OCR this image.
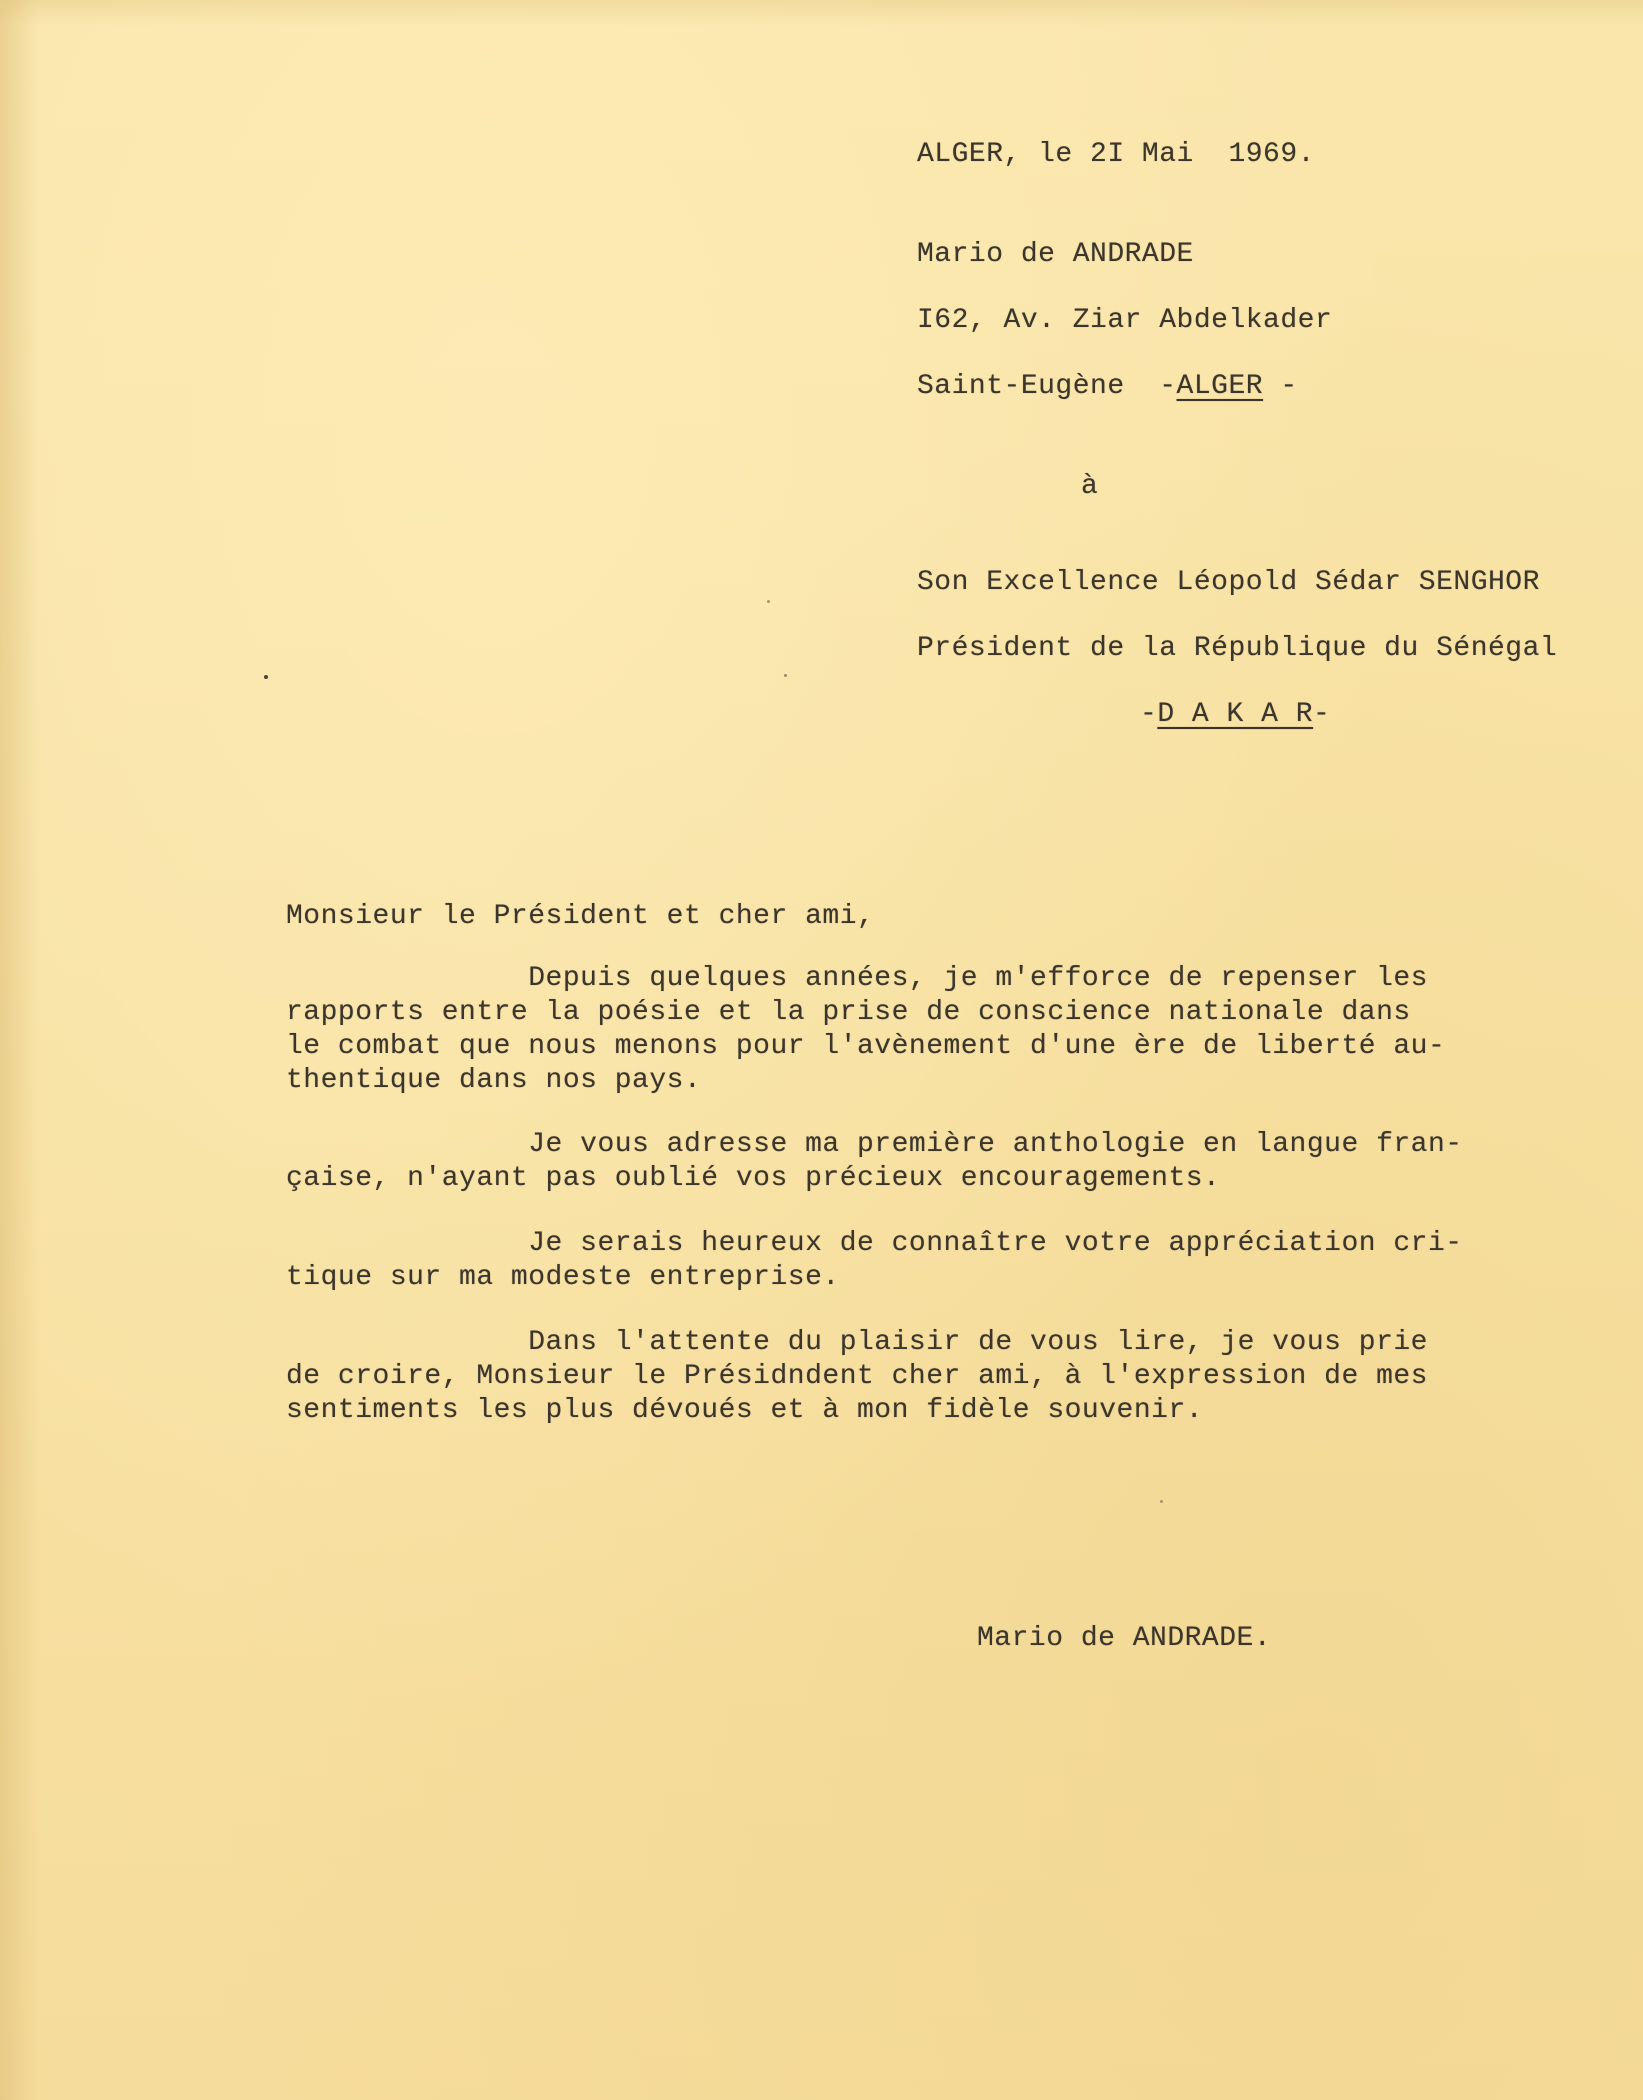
ALGER, le 2I Mai  1969.
Mario de ANDRADE
I62, Av. Ziar Abdelkader
Saint-Eugène  -ALGER -
à
Son Excellence Léopold Sédar SENGHOR
Président de la République du Sénégal
-D A K A R-
Monsieur le Président et cher ami,
Depuis quelques années, je m'efforce de repenser les
rapports entre la poésie et la prise de conscience nationale dans
le combat que nous menons pour l'avènement d'une ère de liberté au-
thentique dans nos pays.
Je vous adresse ma première anthologie en langue fran-
çaise, n'ayant pas oublié vos précieux encouragements.
Je serais heureux de connaître votre appréciation cri-
tique sur ma modeste entreprise.
Dans l'attente du plaisir de vous lire, je vous prie
de croire, Monsieur le Présidndent cher ami, à l'expression de mes
sentiments les plus dévoués et à mon fidèle souvenir.
Mario de ANDRADE.
